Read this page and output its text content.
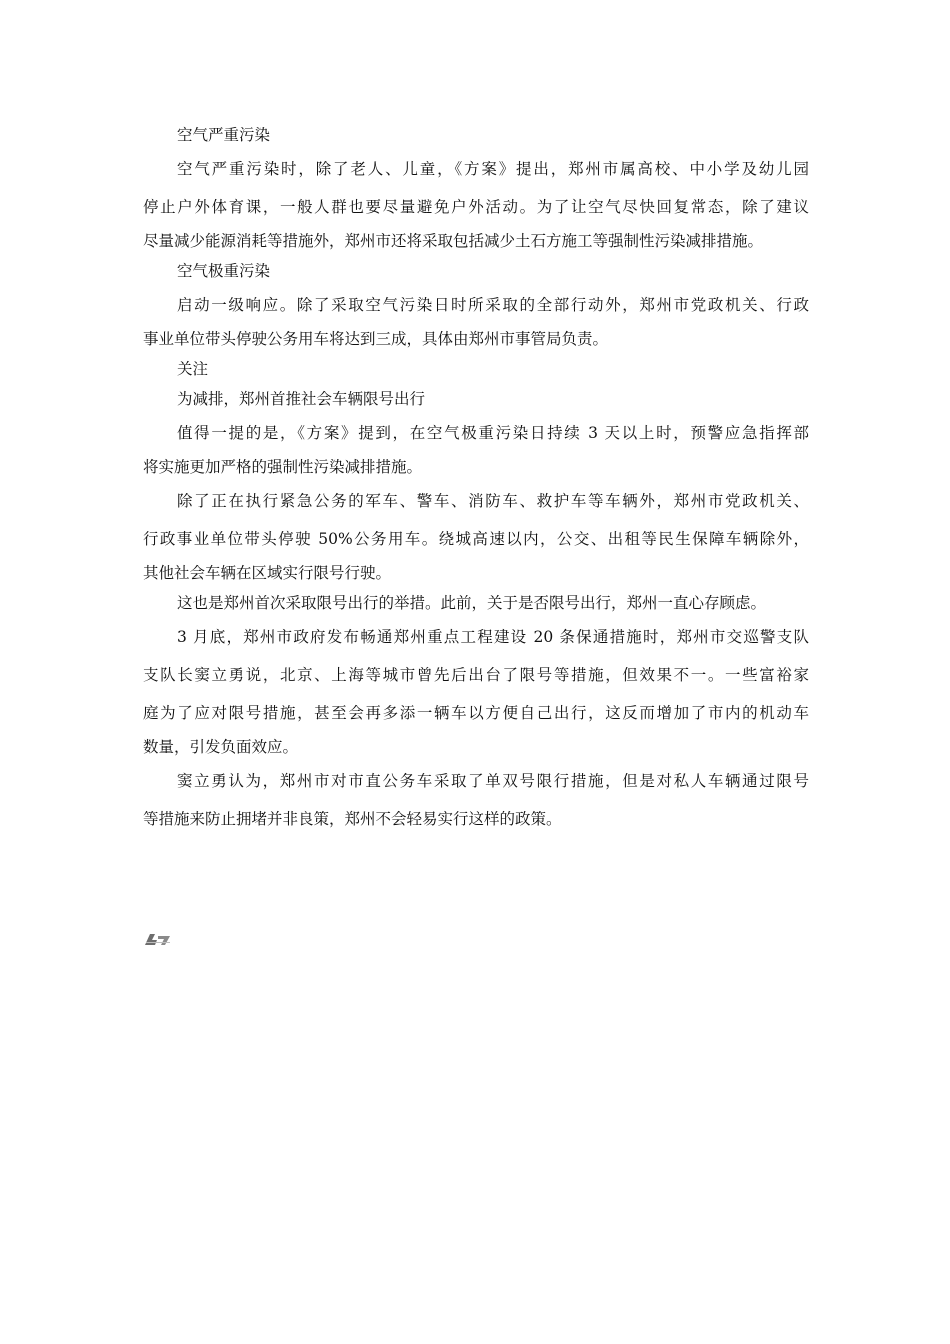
空气严重污染
空气严重污染时，除了老人、儿童，《方案》提出，郑州市属高校、中小学及幼儿园
停止户外体育课，一般人群也要尽量避免户外活动。为了让空气尽快回复常态，除了建议
尽量减少能源消耗等措施外，郑州市还将采取包括减少土石方施工等强制性污染减排措施。
空气极重污染
启动一级响应。除了采取空气污染日时所采取的全部行动外，郑州市党政机关、行政
事业单位带头停驶公务用车将达到三成，具体由郑州市事管局负责。
关注
为减排，郑州首推社会车辆限号出行
值得一提的是，《方案》提到，在空气极重污染日持续 3 天以上时，预警应急指挥部
将实施更加严格的强制性污染减排措施。
除了正在执行紧急公务的军车、警车、消防车、救护车等车辆外，郑州市党政机关、
行政事业单位带头停驶 50%公务用车。绕城高速以内，公交、出租等民生保障车辆除外，
其他社会车辆在区域实行限号行驶。
这也是郑州首次采取限号出行的举措。此前，关于是否限号出行，郑州一直心存顾虑。
3 月底，郑州市政府发布畅通郑州重点工程建设 20 条保通措施时，郑州市交巡警支队
支队长窦立勇说，北京、上海等城市曾先后出台了限号等措施，但效果不一。一些富裕家
庭为了应对限号措施，甚至会再多添一辆车以方便自己出行，这反而增加了市内的机动车
数量，引发负面效应。
窦立勇认为，郑州市对市直公务车采取了单双号限行措施，但是对私人车辆通过限号
等措施来防止拥堵并非良策，郑州不会轻易实行这样的政策。
